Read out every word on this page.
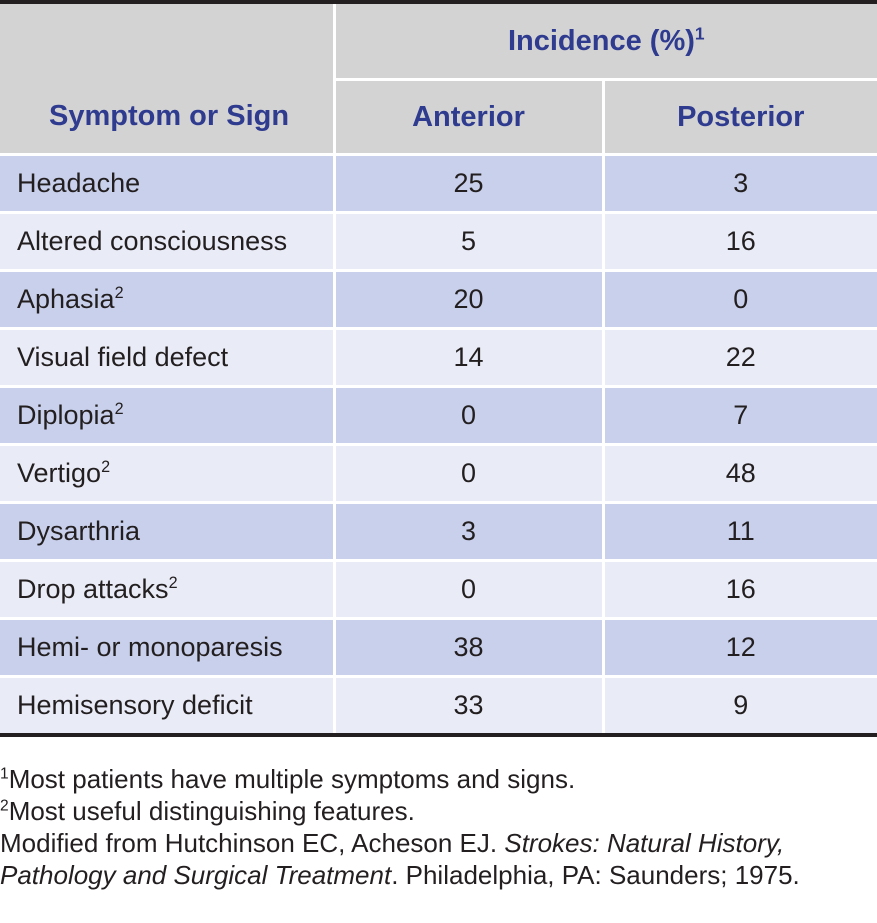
Symptom or Sign	Incidence (%)$^1$
	Anterior	Posterior
Headache	25	3
Altered consciousness	5	16
Aphasia$^2$	20	0
Visual field defect	14	22
Diplopia$^2$	0	7
Vertigo$^2$	0	48
Dysarthria	3	11
Drop attacks$^2$	0	16
Hemi- or monoparesis	38	12
Hemisensory deficit	33	9

$^1$Most patients have multiple symptoms and signs.

$^2$Most useful distinguishing features.

Modified from Hutchinson EC, Acheson EJ. Strokes: Natural History,

Pathology and Surgical Treatment. Philadelphia, PA: Saunders; 1975.
